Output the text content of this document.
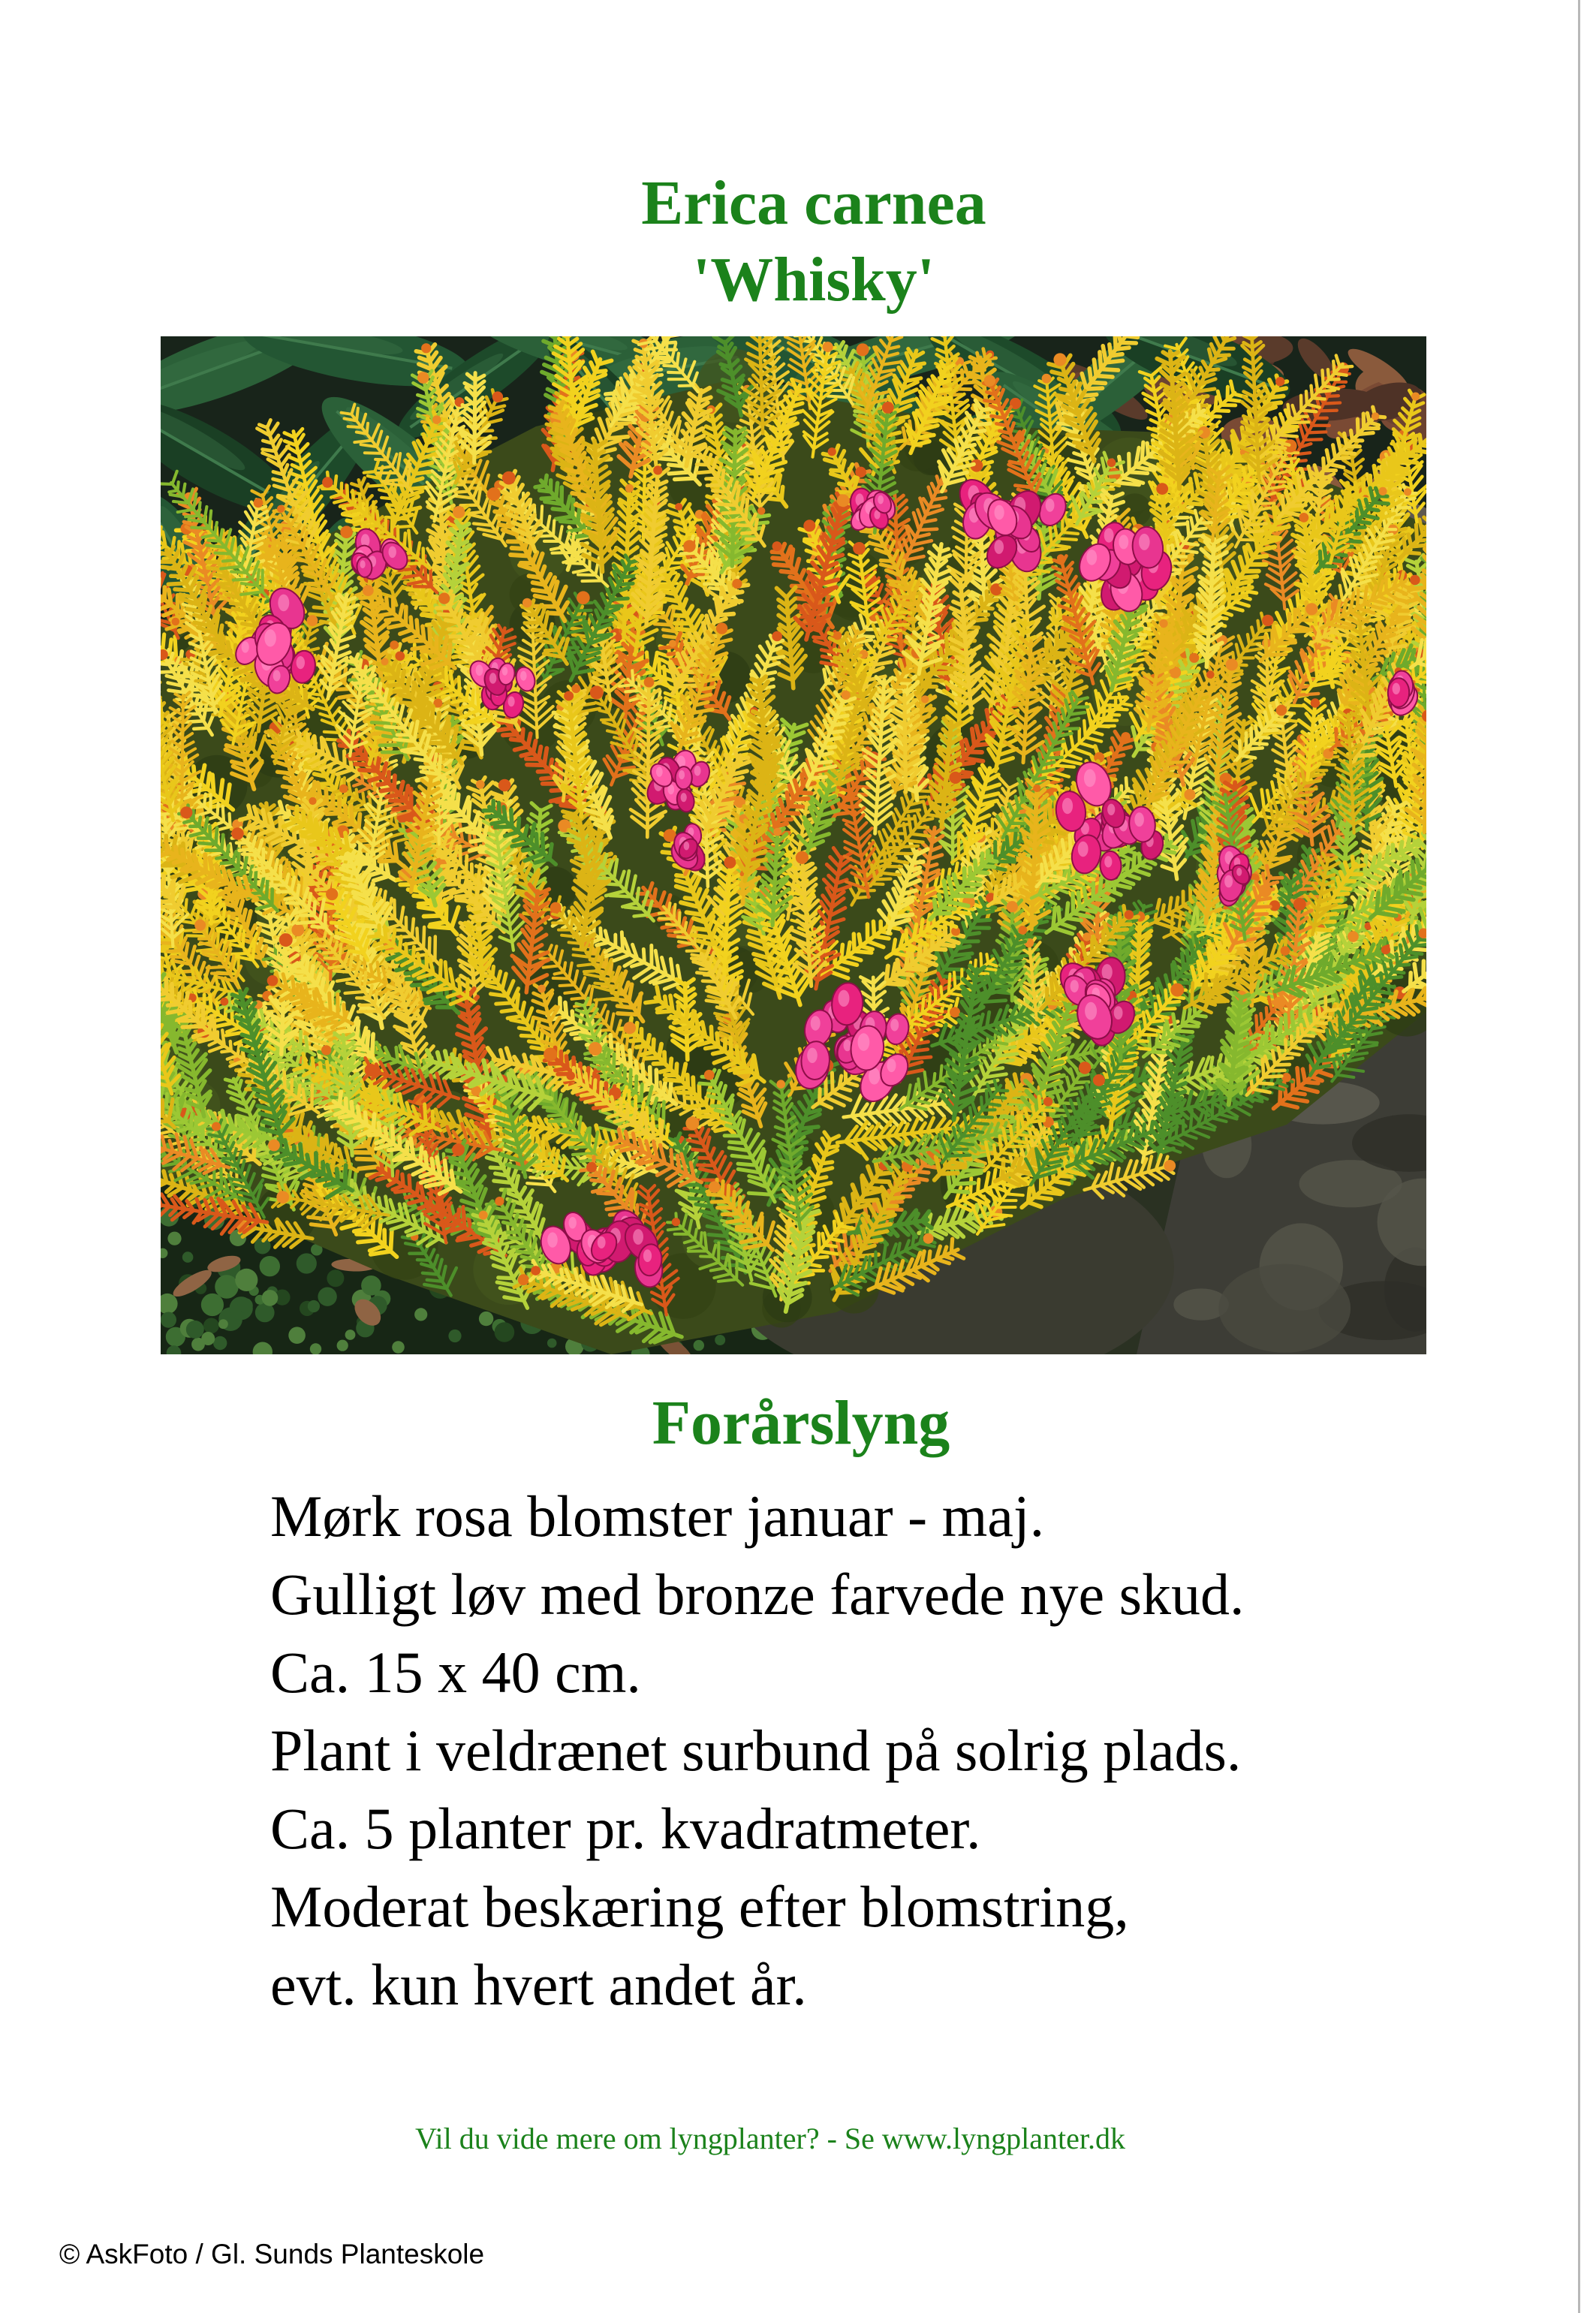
Erica carnea
'Whisky'
Forårslyng
Mørk rosa blomster januar - maj.
Gulligt løv med bronze farvede nye skud.
Ca. 15 x 40 cm.
Plant i veldrænet surbund på solrig plads.
Ca. 5 planter pr. kvadratmeter.
Moderat beskæring efter blomstring,
evt. kun hvert andet år.
Vil du vide mere om lyngplanter? - Se www.lyngplanter.dk
© AskFoto / Gl. Sunds Planteskole
